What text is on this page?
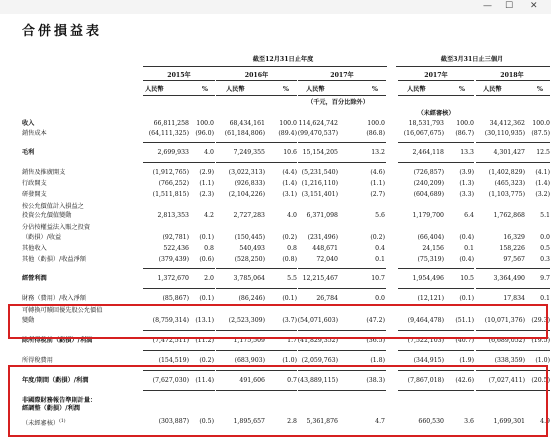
— ☐ ✕
合併損益表
截至12月31日止年度	截至3月31日止三個月
2015年	2016年	2017年	2017年	2018年
人民幣	%	人民幣	%	人民幣	%	人民幣	%	人民幣	%
（千元，百分比除外）
（未經審核）
收入	66,811,258 100.0	68,434,161 100.0 114,624,742	100.0	18,531,793 100.0	34,412,362 100.0
銷售成本	(64,111,325) (96.0) (61,184,806) (89.4) (99,470,537)	(86.8)	(16,067,675) (86.7) (30,110,935) (87.5)
毛利	2,699,933 4.0	7,249,355	10.6 15,154,205	13.2	2,464,118	13.3	4,301,427 12.5
銷售及推廣開支	(1,912,765) (2.9) (3,022,313)	(4.4) (5,231,540)	(4.6)	(726,857) (3.9) (1,402,829) (4.1)
行政開支	(766,252) (1.1)	(926,833)	(1.4) (1,216,110)	(1.1)	(240,209) (1.3)	(465,323) (1.4)
研發開支	(1,511,815) (2.3) (2,104,226)	(3.1) (3,151,401)	(2.7)	(604,689) (3.3) (1,103,775) (3.2)
按公允價值計入損益之
投資公允價值變動	2,813,353 4.2	2,727,283	4.0 6,371,098	5.6	1,179,700	6.4	1,762,868 5.1
分佔按權益法入賬之投資
（虧損）/收益	(92,781) (0.1)	(150,445)	(0.2) (231,496)	(0.2)	(66,404) (0.4)	16,329 0.0
其他收入	522,436 0.8	540,493	0.8 448,671	0.4	24,156	0.1	158,226 0.5
其他（虧損）/收益淨額	(379,439) (0.6)	(528,250)	(0.8)	72,040	0.1	(75,319) (0.4)	97,567 0.3
經營利潤	1,372,670 2.0	3,785,064	5.5 12,215,467	10.7	1,954,496	10.5	3,364,490 9.7
財務（費用）/收入淨額	(85,867) (0.1)	(86,246)	(0.1)	26,784	0.0	(12,121) (0.1)	17,834 0.1
可轉換可贖回優先股公允價值
變動	(8,759,314) (13.1) (2,523,309)	(3.7) (54,071,603)	(47.2)	(9,464,478) (51.1) (10,071,376) (29.3)
除所得稅前（虧損）/利潤	(7,472,511) (11.2)	1,175,509	1.7 (41,829,352)	(36.5)	(7,522,103) (40.7) (6,689,052) (19.5)
所得稅費用	(154,519) (0.2)	(683,903)	(1.0) (2,059,763)	(1.8)	(344,915) (1.9)	(338,359) (1.0)
年度/期間（虧損）/利潤	(7,627,030) (11.4)	491,606	0.7 (43,889,115)	(38.3)	(7,867,018) (42.6) (7,027,411) (20.5)
非國際財務報告準則計量：
經調整（虧損）/利潤
（未經審核）$^{(1)}$	(303,887) (0.5)	1,895,657	2.8 5,361,876	4.7	660,530	3.6	1,699,301 4.9
